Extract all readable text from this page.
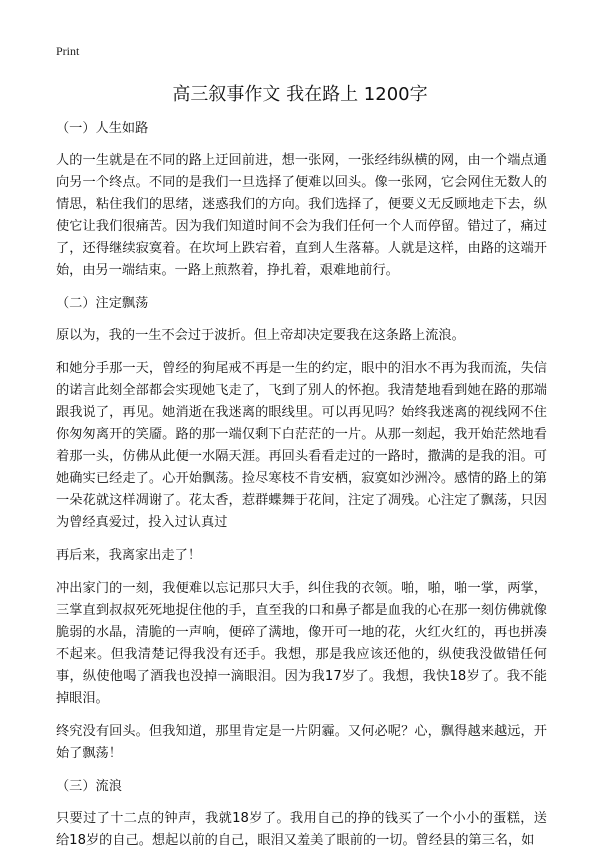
Print
高三叙事作文 我在路上 1200字

（一）人生如路

人的一生就是在不同的路上迂回前进，想一张网，一张经纬纵横的网，由一个端点通向另一个终点。不同的是我们一旦选择了便难以回头。像一张网，它会网住无数人的情思，粘住我们的思绪，迷惑我们的方向。我们选择了，便要义无反顾地走下去，纵使它让我们很痛苦。因为我们知道时间不会为我们任何一个人而停留。错过了，痛过了，还得继续寂寞着。在坎坷上跌宕着，直到人生落幕。人就是这样，由路的这端开始，由另一端结束。一路上煎熬着，挣扎着，艰难地前行。

（二）注定飘荡

原以为，我的一生不会过于波折。但上帝却决定要我在这条路上流浪。

和她分手那一天，曾经的狗尾戒不再是一生的约定，眼中的泪水不再为我而流，失信的诺言此刻全部都会实现她飞走了，飞到了别人的怀抱。我清楚地看到她在路的那端跟我说了，再见。她消逝在我迷离的眼线里。可以再见吗？始终我迷离的视线网不住你匆匆离开的笑靥。路的那一端仅剩下白茫茫的一片。从那一刻起，我开始茫然地看着那一头，仿佛从此便一水隔天涯。再回头看看走过的一路时，撒满的是我的泪。可她确实已经走了。心开始飘荡。捡尽寒枝不肯安栖，寂寞如沙洲冷。感情的路上的第一朵花就这样凋谢了。花太香，惹群蝶舞于花间，注定了凋残。心注定了飘荡，只因为曾经真爱过，投入过认真过

再后来，我离家出走了！

冲出家门的一刻，我便难以忘记那只大手，纠住我的衣领。啪，啪，啪一掌，两掌，三掌直到叔叔死死地捉住他的手，直至我的口和鼻子都是血我的心在那一刻仿佛就像脆弱的水晶，清脆的一声响，便碎了满地，像开可一地的花，火红火红的，再也拼凑不起来。但我清楚记得我没有还手。我想，那是我应该还他的，纵使我没做错任何事，纵使他喝了酒我也没掉一滴眼泪。因为我17岁了。我想，我快18岁了。我不能掉眼泪。

终究没有回头。但我知道，那里肯定是一片阴霾。又何必呢？心，飘得越来越远，开始了飘荡！

（三）流浪

只要过了十二点的钟声，我就18岁了。我用自己的挣的钱买了一个小小的蛋糕，送给18岁的自己。想起以前的自己，眼泪又羞美了眼前的一切。曾经县的第三名，如
